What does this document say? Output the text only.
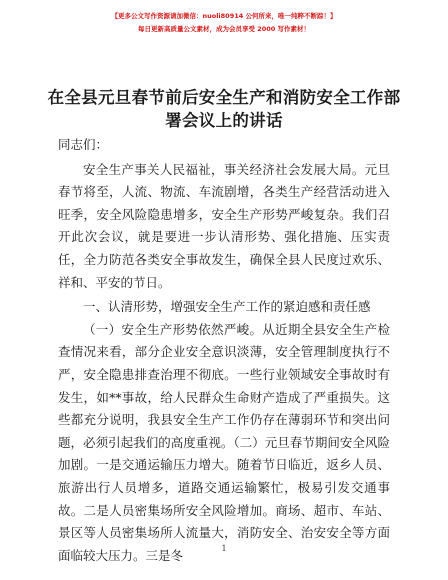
【更多公文写作资源请加微信：nuoli80914 公何所来，唯一纯粹不断踪！】
每日更新高质量公文素材，成为会员享受 2000 写作素材！
在全县元旦春节前后安全生产和消防安全工作部署会议上的讲话

同志们：

安全生产事关人民福祉，事关经济社会发展大局。元旦春节将至，人流、物流、车流剧增，各类生产经营活动进入旺季，安全风险隐患增多，安全生产形势严峻复杂。我们召开此次会议，就是要进一步认清形势、强化措施、压实责任，全力防范各类安全事故发生，确保全县人民度过欢乐、祥和、平安的节日。

一、认清形势，增强安全生产工作的紧迫感和责任感

（一）安全生产形势依然严峻。从近期全县安全生产检查情况来看，部分企业安全意识淡薄，安全管理制度执行不严，安全隐患排查治理不彻底。一些行业领域安全事故时有发生，如**事故，给人民群众生命财产造成了严重损失。这些都充分说明，我县安全生产工作仍存在薄弱环节和突出问题，必须引起我们的高度重视。（二）元旦春节期间安全风险加剧。一是交通运输压力增大。随着节日临近，返乡人员、旅游出行人员增多，道路交通运输繁忙，极易引发交通事故。二是人员密集场所安全风险增加。商场、超市、车站、景区等人员密集场所人流量大，消防安全、治安安全等方面面临较大压力。三是冬	1
